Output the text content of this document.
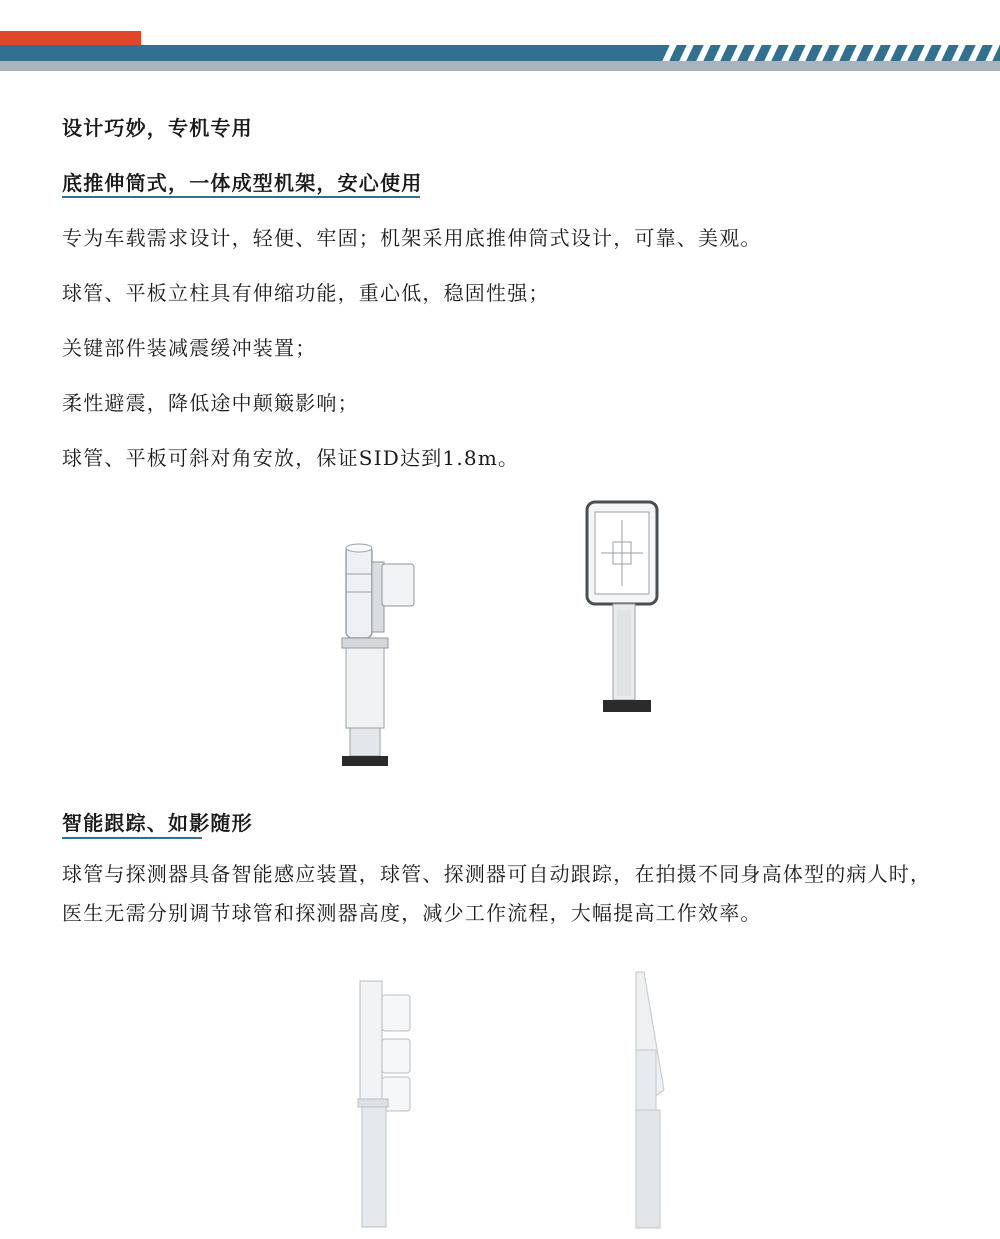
设计巧妙，专机专用
底推伸筒式，一体成型机架，安心使用
专为车载需求设计，轻便、牢固；机架采用底推伸筒式设计，可靠、美观。
球管、平板立柱具有伸缩功能，重心低，稳固性强；
关键部件装减震缓冲装置；
柔性避震，降低途中颠簸影响；
球管、平板可斜对角安放，保证SID达到1.8m。
智能跟踪、如影随形
球管与探测器具备智能感应装置，球管、探测器可自动跟踪，在拍摄不同身高体型的病人时，医生无需分别调节球管和探测器高度，减少工作流程，大幅提高工作效率。
